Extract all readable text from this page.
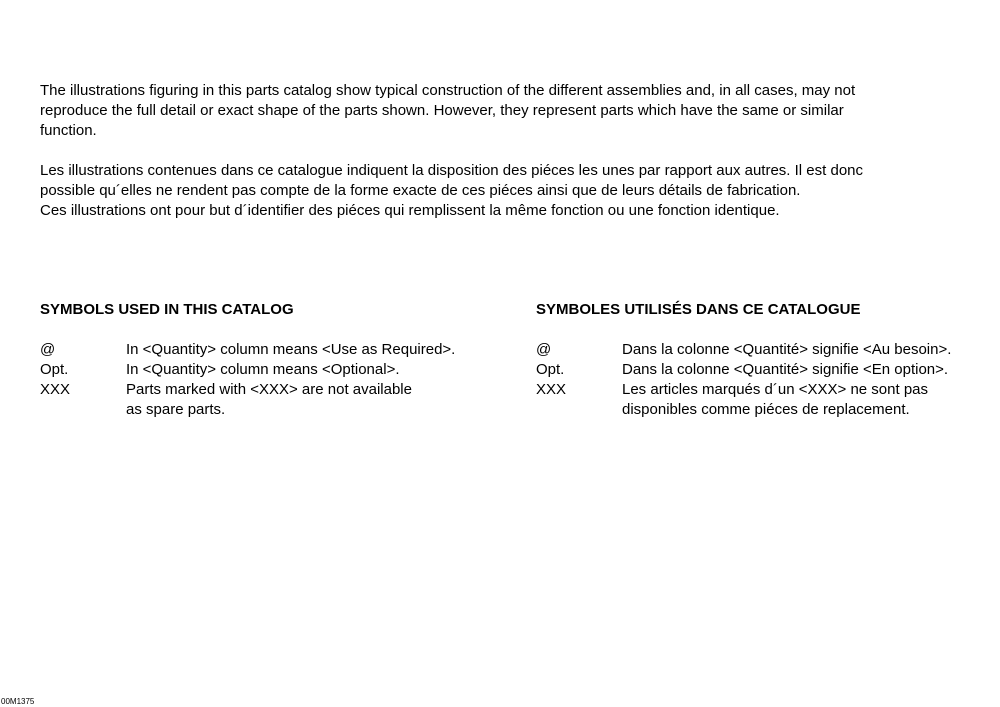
The illustrations figuring in this parts catalog show typical construction of the different assemblies and, in all cases, may not
reproduce the full detail or exact shape of the parts shown. However, they represent parts which have the same or similar
function.

Les illustrations contenues dans ce catalogue indiquent la disposition des piéces les unes par rapport aux autres. Il est donc
possible qu´elles ne rendent pas compte de la forme exacte de ces piéces ainsi que de leurs détails de fabrication.
Ces illustrations ont pour but d´identifier des piéces qui remplissent la même fonction ou une fonction identique.

SYMBOLS USED IN THIS CATALOG
@	In <Quantity> column means <Use as Required>.
Opt.	In <Quantity> column means <Optional>.
XXX	Parts marked with <XXX> are not available
as spare parts.
SYMBOLES UTILISÉS DANS CE CATALOGUE
@	Dans la colonne <Quantité> signifie <Au besoin>.
Opt.	Dans la colonne <Quantité> signifie <En option>.
XXX	Les articles marqués d´un <XXX> ne sont pas
disponibles comme piéces de replacement.
00M1375
